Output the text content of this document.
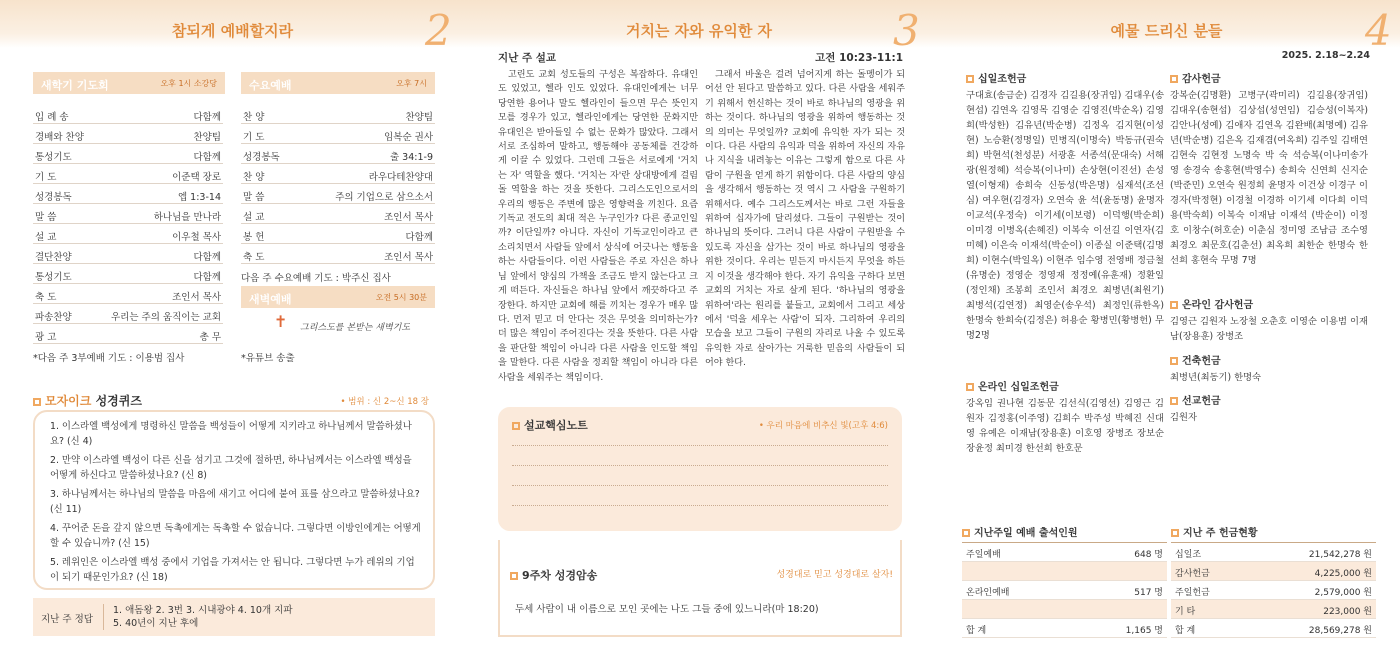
참되게 예배할지라	2
새학기 기도회	오후 1시 소강당
입 례 송	다함께
경배와 찬양	찬양팀
통성기도	다함께
기 도	이준택 장로
성경봉독	엡 1:3-14
말 씀	하나님을 만나라
설 교	이우철 목사
결단찬양	다함께
통성기도	다함께
축 도	조인서 목사
파송찬양	우리는 주의 움직이는 교회
광 고	총 무
*다음 주 3부예배 기도 : 이용범 집사
수요예배	오후 7시
찬 양	찬양팀
기 도	임복순 권사
성경봉독	출 34:1-9
찬 양	라우다테찬양대
말 씀	주의 기업으로 삼으소서
설 교	조인서 목사
봉 헌	다함께
축 도	조인서 목사
다음 주 수요예배 기도 : 박주신 집사
새벽예배	오전 5시 30분
✝ 그리스도를 본받는 새벽기도
*유튜브 송출
모자이크 성경퀴즈	• 범위 : 신 2~신 18 장
1. 이스라엘 백성에게 명령하신 말씀을 백성들이 어떻게 지키라고 하나님께서 말씀하셨나요? (신 4)
2. 만약 이스라엘 백성이 다른 신을 섬기고 그것에 절하면, 하나님께서는 이스라엘 백성을 어떻게 하신다고 말씀하셨나요? (신 8)
3. 하나님께서는 하나님의 말씀을 마음에 새기고 어디에 붙여 표를 삼으라고 말씀하셨나요? (신 11)
4. 꾸어준 돈을 갚지 않으면 독촉에게는 독촉할 수 없습니다. 그렇다면 이방인에게는 어떻게 할 수 있습니까? (신 15)
5. 레위인은 이스라엘 백성 중에서 기업을 가져서는 안 됩니다. 그렇다면 누가 레위의 기업이 되기 때문인가요? (신 18)
지난 주 정답
1. 애돔왕 2. 3번 3. 시내광야 4. 10개 지파
5. 40년이 지난 후에
거치는 자와 유익한 자	3
지난 주 설교	고전 10:23-11:1
고린도 교회 성도들의 구성은 복잡하다. 유대인도 있었고, 헬라 인도 있었다. 유대인에게는 너무 당연한 용어나 말도 헬라인이 들으면 무슨 뜻인지 모를 경우가 있고, 헬라인에게는 당연한 문화지만 유대인은 받아들일 수 없는 문화가 많았다. 그래서 서로 조심하여 말하고, 행동해야 공동체를 건강하게 이끌 수 있었다. 그런데 그들은 서로에게 '거치는 자' 역할을 했다. '거치는 자'란 상대방에게 걸림돌 역할을 하는 것을 뜻한다. 그리스도인으로서의 우리의 행동은 주변에 많은 영향력을 끼친다. 요즘 기독교 전도의 최대 적은 누구인가? 다른 종교인일까? 이단일까? 아니다. 자신이 기독교인이라고 큰소리치면서 사람들 앞에서 상식에 어긋나는 행동을 하는 사람들이다. 이런 사람들은 주로 자신은 하나님 앞에서 양심의 가책을 조금도 받지 않는다고 크게 떠든다. 자신들은 하나님 앞에서 깨끗하다고 주장한다. 하지만 교회에 해를 끼치는 경우가 매우 많다. 먼저 믿고 더 안다는 것은 무엇을 의미하는가? 더 많은 책임이 주어진다는 것을 뜻한다. 다른 사람을 판단할 책임이 아니라 다른 사람을 인도할 책임을 말한다. 다른 사람을 정죄할 책임이 아니라 다른 사람을 세워주는 책임이다.
그래서 바울은 걸려 넘어지게 하는 돌멩이가 되어선 안 된다고 말씀하고 있다. 다른 사람을 세워주기 위해서 헌신하는 것이 바로 하나님의 영광을 위하는 것이다. 하나님의 영광을 위하여 행동하는 것의 의미는 무엇일까? 교회에 유익한 자가 되는 것이다. 다른 사람의 유익과 덕을 위하여 자신의 자유나 지식을 내려놓는 이유는 그렇게 함으로 다른 사람이 구원을 얻게 하기 위함이다. 다른 사람의 양심을 생각해서 행동하는 것 역시 그 사람을 구원하기 위해서다. 예수 그리스도께서는 바로 그런 자들을 위하여 십자가에 달리셨다. 그들이 구원받는 것이 하나님의 뜻이다. 그러니 다른 사람이 구원받을 수 있도록 자신을 삼가는 것이 바로 하나님의 영광을 위한 것이다. 우리는 믿든지 마시든지 무엇을 하든지 이것을 생각해야 한다. 자기 유익을 구하다 보면 교회의 거치는 자로 살게 된다. '하나님의 영광을 위하여'라는 원리를 붙들고, 교회에서 그리고 세상에서 '덕을 세우는 사람'이 되자. 그리하여 우리의 모습을 보고 그들이 구원의 자리로 나올 수 있도록 유익한 자로 살아가는 거룩한 믿음의 사람들이 되어야 한다.
설교핵심노트	• 우리 마음에 비추신 빛(고후 4:6)
9주차 성경암송	성경대로 믿고 성경대로 살자!
두세 사람이 내 이름으로 모인 곳에는 나도 그들 중에 있느니라(마 18:20)
예물 드리신 분들	4
2025. 2.18~2.24
십일조헌금
구대효(송금순) 김경자 김길용(장귀임) 김대우(송현섭) 김연옥 김영목 김영순 김영진(박순옥) 김영희(박성한) 김유년(박순병) 김정옥 김지현(이성현) 노승환(정명일) 민병직(이명숙) 박동규(권숙희) 박현석(천성분) 서광훈 서종석(문대숙) 서해광(원정혜) 석승복(이나미) 손상현(이진선) 손성열(이형재) 송희숙 신동성(박은명) 심재석(조선심) 여우현(김경자) 오연숙 윤 석(윤동명) 윤명자 이교석(우정숙) 이기세(이보령) 이덕행(박순희) 이미경 이병옥(손혜진) 이복숙 이선길 이연자(김미혜) 이은숙 이재석(박순이) 이종실 이준택(김명희) 이현수(박일옥) 이현주 임수영 전영배 정금철(유명순) 정영순 정영재 정정예(유훈재) 정환일(정인채) 조봉희 조인서 최경오 최병년(최원기) 최병석(김연정) 최영순(송우석) 최정인(류한옥) 한명숙 한희숙(김정은) 허용순 황병민(황병헌) 무명2명
온라인 십일조헌금
강옥임 권나현 김동문 김선식(김영선) 김영근 김원자 김정홍(이주영) 김희수 박주성 박혜진 신대영 유예은 이재남(장용훈) 이호영 장병조 장보순 장윤정 최미경 한선희 한호문
감사헌금
강복순(김명환) 고병구(곽미리) 김길용(장귀임) 김대우(송현섭) 김상섭(성연임) 김승성(이복자) 김안나(성예) 김애자 김연옥 김완배(최명예) 김유년(박순병) 김은옥 김재겸(여옥희) 김주일 김태연 김현숙 김현정 노명숙 박 숙 석승복(이나미송가영 송경숙 송홍현(박영수) 송희숙 신연희 신지순(박준민) 오연숙 원정희 윤명자 이건상 이경구 이경자(박정현) 이경철 이경하 이기세 이다희 이덕용(박숙희) 이복숙 이재남 이재석 (박순이) 이정호 이창수(허호순) 이춘심 정미영 조남금 조수영 최경오 최문호(김춘선) 최옥희 최한순 한명숙 한선희 홍현숙 무명 7명
온라인 감사헌금
김영근 김원자 노장철 오춘호 이영순 이용범 이재남(장용훈) 장병조
건축헌금
최병년(최동기) 한명숙
선교헌금
김원자
지난주일 예배 출석인원
주일예배	648 명
온라인예배	517 명
합 계	1,165 명
지난 주 헌금현황
십일조	21,542,278 원
감사헌금	4,225,000 원
주일헌금	2,579,000 원
기 타	223,000 원
합 계	28,569,278 원
